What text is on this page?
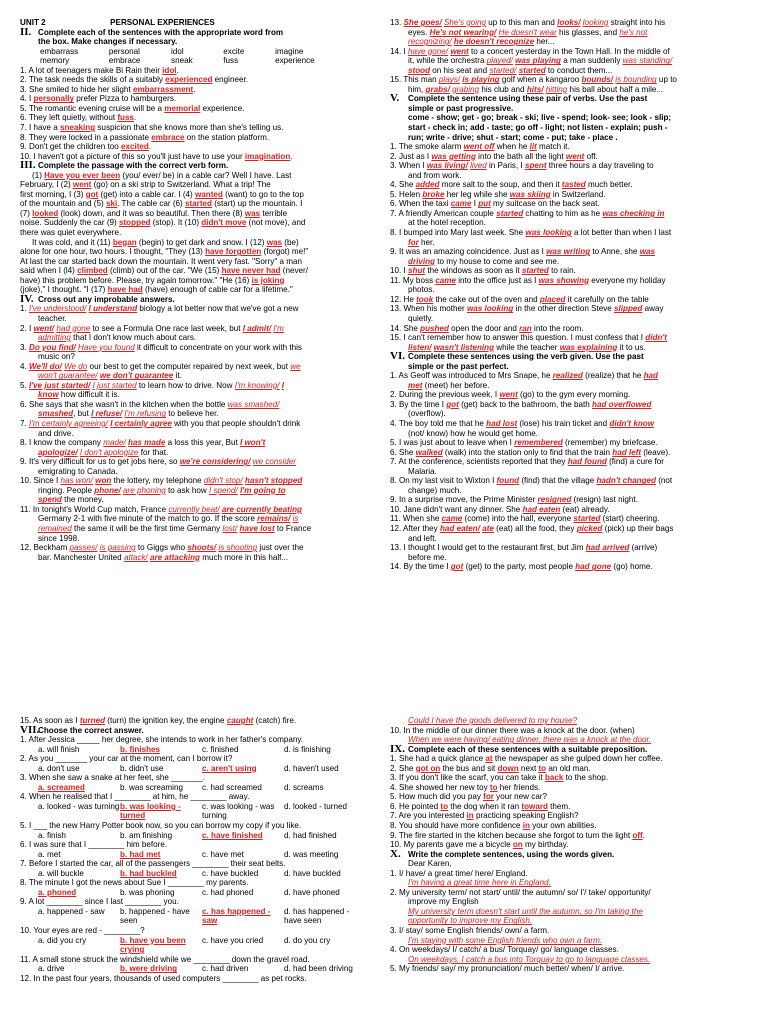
UNIT 2	PERSONAL EXPERIENCES

II. Complete each of the sentences with the appropriate word from

the box. Make changes if necessary.

embarrass	personal	idol	excite	imagine
memory	embrace	sneak	fuss	experience

1. A lot of teenagers make Bi Rain their idol.

2. The task needs the skills of a suitably experienced engineer.

3. She smiled to hide her slight embarrassment.

4. I personally prefer Pizza to hamburgers.

5. The romantic evening cruise will be a memorial experience.

6. They left quietly, without fuss.

7. I have a sneaking suspicion that she knows more than she's telling us.

8. They were locked in a passionate embrace on the station platform.

9. Don't get the children too excited.

10. I haven't got a picture of this so you'll just have to use your imagination.

III. Complete the passage with the correct verb form.

(1) Have you ever been (you/ ever/ be) in a cable car? Well I have. Last

February, I (2) went (go) on a ski strip to Switzerland. What a trip! The

first morning, I (3) got (get) into a cable car. I (4) wanted (want) to go to the top

of the mountain and (5) ski. The cable car (6) started (start) up the mountain. I

(7) looked (look) down, and it was so beautiful. Then there (8) was terrible

noise. Suddenly the car (9) stopped (stop). It (10) didn't move (not move), and

there was quiet everywhere.

It was cold, and it (11) began (begin) to get dark and snow. I (12) was (be)

alone for one hour, two hours. I thought, "They (13) have forgotten (forgot) me!"

At last the car started back down the mountain. It went very fast. "Sorry" a man

said when I (l4) climbed (climb) out of the car. "We (15) have never had (never/

have) this problem before. Please, try again tomorrow." "He (16) is joking

(joke)," I thought. "I (17) have had (have) enough of cable car for a lifetime."

IV. Cross out any improbable answers.

1. I've understood/ I understand biology a lot better now that we've got a new

teacher.

2. I went/ had gone to see a Formula One race last week, but I admit/ I'm

admitting that I don't know much about cars.

3. Do you find/ Have you found it difficult to concentrate on your work with this

music on?

4. We'll do/ We do our best to get the computer repaired by next week, but we

won't guarantee/ we don't guarantee it.

5. I've just started/ I just started to learn how to drive. Now I'm knowing/ I

know how difficult it is.

6. She says that she wasn't in the kitchen when the bottle was smashed/

smashed, but I refuse/ I'm refusing to believe her.

7. I'm certainly agreeing/ I certainly agree with you that people shouldn't drink

and drive.

8. I know the company made/ has made a loss this year, But I won't

apologize/ I don't apologize for that.

9. It's very difficult for us to get jobs here, so we're considering/ we consider

emigrating to Canada.

10. Since I has won/ won the lottery, my telephone didn't stop/ hasn't stopped

ringing. People phone/ are phoning to ask how I spend/ I'm going to

spend the money.

11. In tonight's World Cup match, France currently beat/ are currently beating

Germany 2-1 with five minute of the match to go. If the score remains/ is

remained the same it will be the first time Germany lost/ have lost to France

since 1998.

12. Beckham passes/ is passing to Giggs who shoots/ is shooting just over the

bar. Manchester United attack/ are attacking much more in this half...

13. She goes/ She's going up to this man and looks/ looking straight into his

eyes. He's not wearing/ He doesn't wear his glasses, and he's not

recognizing/ he doesn't recognize her...

14. I have gone/ went to a concert yesterday in the Town Hall. In the middle of

it, while the orchestra played/ was playing a man suddenly was standing/

stood on his seat and started/ started to conduct them...

15. This man plays/ is playing golf when a kangaroo bounds/ is bounding up to

him, grabs/ grabing his club and hits/ hitting his ball about half a mile...

V. Complete the sentence using these pair of verbs. Use the past

simple or past progressive.

come - show; get - go; break - ski; live - spend; look- see; look - slip;

start - check in; add - taste; go off - light; not listen - explain; push -

run; write - drive; shut - start; come - put; take - place .

1. The smoke alarm went off when he lit match it.

2. Just as I was getting into the bath all the light went off.

3. When I was living/ lived in Paris, I spent three hours a day traveling to

and from work.

4. She added more salt to the soup, and then it tasted much better.

5. Helen broke her leg while she was skiing in Switzerland.

6. When the taxi came I put my suitcase on the back seat.

7. A friendly American couple started chatting to him as he was checking in

at the hotel reception.

8. I bumped into Mary last week. She was looking a lot better than when I last

for her.

9. It was an amazing coincidence. Just as I was writing to Anne, she was

driving to my house to come and see me.

10. I shut the windows as soon as it started to rain.

11. My boss came into the office just as I was showing everyone my holiday

photos.

12. He took the cake out of the oven and placed it carefully on the table

13. When his mother was looking in the other direction Steve slipped away

quietly.

14. She pushed open the door and ran into the room.

15. I can't remember how to answer this question. I must confess that I didn't

listen/ wasn't listening while the teacher was explaining it to us.

VI. Complete these sentences using the verb given. Use the past

simple or the past perfect.

1. As Geoff was introduced to Mrs Snape, he realized (realize) that he had

met (meet) her before.

2. During the previous week, I went (go) to the gym every morning.

3. By the time I got (get) back to the bathroom, the bath had overflowed

(overflow).

4. The boy told me that he had lost (lose) his train ticket and didn't know

(not/ know) how he would get home.

5. I was just about to leave when I remembered (remember) my briefcase.

6. She walked (walk) into the station only to find that the train had left (leave).

7. At the conference, scientists reported that they had found (find) a cure for

Malaria.

8. On my last visit to Wixton I found (find) that the village hadn't changed (not

change) much.

9. In a surprise move, the Prime Minister resigned (resign) last night.

10. Jane didn't want any dinner. She had eaten (eat) already.

11. When she came (come) into the hall, everyone started (start) cheering.

12. After they had eaten/ ate (eat) all the food, they picked (pick) up their bags

and left.

13. I thought I would get to the restaurant first, but Jim had arrived (arrive)

before me.

14. By the time I got (get) to the party, most people had gone (go) home.

15. As soon as I turned (turn) the ignition key, the engine caught (catch) fire.

VII.Choose the correct answer.

1. After Jessica _____ her degree, she intends to work in her father's company.

a. will finish	b. finishes	c. finished	d. is finishing

2. As you _______ your car at the moment, can I borrow it?

a. don't use	b. didn't use	c. aren't using	d. haven't used

3. When she saw a snake at her feet, she _______.

a. screamed	b. was screaming	c. had screamed	d. screams

4. When he realised that I ________ at him, he ________ away.

a. looked - was turning b. was looking - turned
c. was looking - was turning
d. looked - turned

5. I ___ the new Harry Potter book now, so you can borrow my copy if you like.

a. finish	b. am finishing	c. have finished	d. had finished

6. I was sure that I ________ him before.

a. met	b. had met	c. have met	d. was meeting

7. Before I started the car, all of the passengers ________ their seat belts.

a. will buckle	b. had buckled	c. have buckled	d. have buckled

8. The minute I got the news about Sue I ________ my parents.

a. phoned	b. was phoning	c. had phoned	d. have phoned

9. A lot ________ since I last ________ you.

a. happened - saw	b. happened - have seen
c. has happened - saw
d. has happened - have seen

10. Your eyes are red - ________?

a. did you cry	b. have you been crying
c. have you cried	d. do you cry

11. A small stone struck the windshield while we ________ down the gravel road.

a. drive	b. were driving	c. had driven	d. had been driving

12. In the past four years, thousands of used computers ________ as pet rocks.

Could I have the goods delivered to my house?

10. In the middle of our dinner there was a knock at the door. (when)

When we were having/ eating dinner, there was a knock at the door.

IX. Complete each of these sentences with a suitable preposition.

1. She had a quick glance at the newspaper as she gulped down her coffee.

2. She got on the bus and sit down next to an old man.

3. If you don't like the scarf, you can take it back to the shop.

4. She showed her new toy to her friends.

5. How much did you pay for your new car?

6. He pointed to the dog when it ran toward them.

7. Are you interested in practicing speaking English?

8. You should have more confidence in your own abilities.

9. The fire started in the kitchen because she forgot to turn the light off.

10. My parents gave me a bicycle on my birthday.

X. Write the complete sentences, using the words given.

Dear Karen,

1. I/ have/ a great time/ here/ England.

I'm having a great time here in England.

2. My university term/ not start/ until/ the autumn/ so/ I'/ take/ opportunity/

improve my English

My university term doesn't start until the autumn, so I'm taking the

opportunity to improve my English.

3. I/ stay/ some English friends/ own/ a farm.

I'm staying with some English friends who own a farm.

4. On weekdays/ I/ catch/ a bus/ Torquay/ go/ language classes.

On weekdays, I catch a bus into Torquay to go to language classes.

5. My friends/ say/ my pronunciation/ much better/ when/ I/ arrive.
